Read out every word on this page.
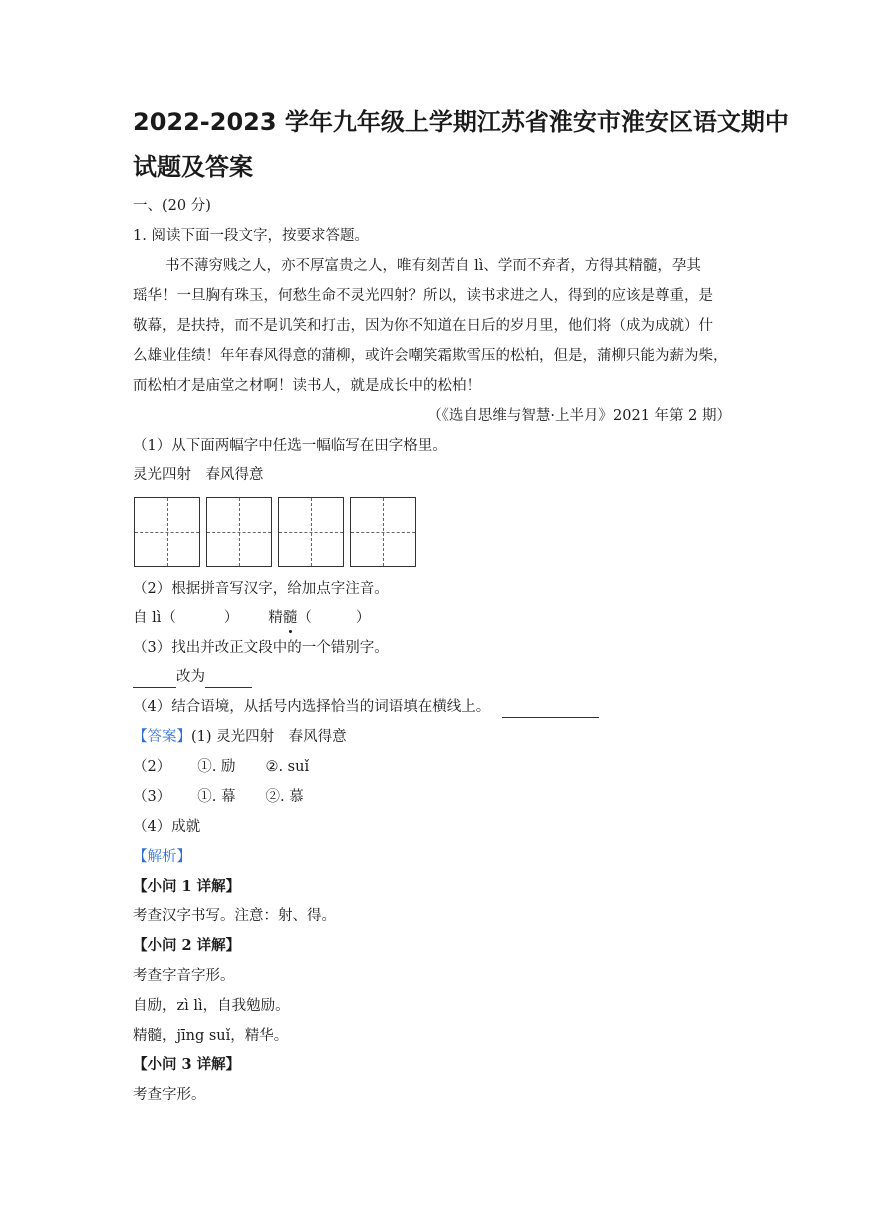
2022-2023 学年九年级上学期江苏省淮安市淮安区语文期中
试题及答案
一、(20 分)
1. 阅读下面一段文字，按要求答题。
书不薄穷贱之人，亦不厚富贵之人，唯有刻苦自 lì、学而不弃者，方得其精髓，孕其
瑶华！一旦胸有珠玉，何愁生命不灵光四射？所以，读书求进之人，得到的应该是尊重，是
敬幕，是扶持，而不是讥笑和打击，因为你不知道在日后的岁月里，他们将（成为成就）什
么雄业佳绩！年年春风得意的蒲柳，或许会嘲笑霜欺雪压的松柏，但是，蒲柳只能为薪为柴，
而松柏才是庙堂之材啊！读书人，就是成长中的松柏！
（《选自思维与智慧·上半月》2021 年第 2 期）
（1）从下面两幅字中任选一幅临写在田字格里。
灵光四射　春风得意
（2）根据拼音写汉字，给加点字注音。
自 lì（	） 精髓（	）
（3）找出并改正文段中的一个错别字。
改为
（4）结合语境，从括号内选择恰当的词语填在横线上。
【答案】(1) 灵光四射　春风得意
（2） ①. 励 ②. suǐ
（3） ①. 幕 ②. 慕
（4）成就
【解析】
【小问 1 详解】
考查汉字书写。注意：射、得。
【小问 2 详解】
考查字音字形。
自励，zì lì，自我勉励。
精髓，jīng suǐ，精华。
【小问 3 详解】
考查字形。
